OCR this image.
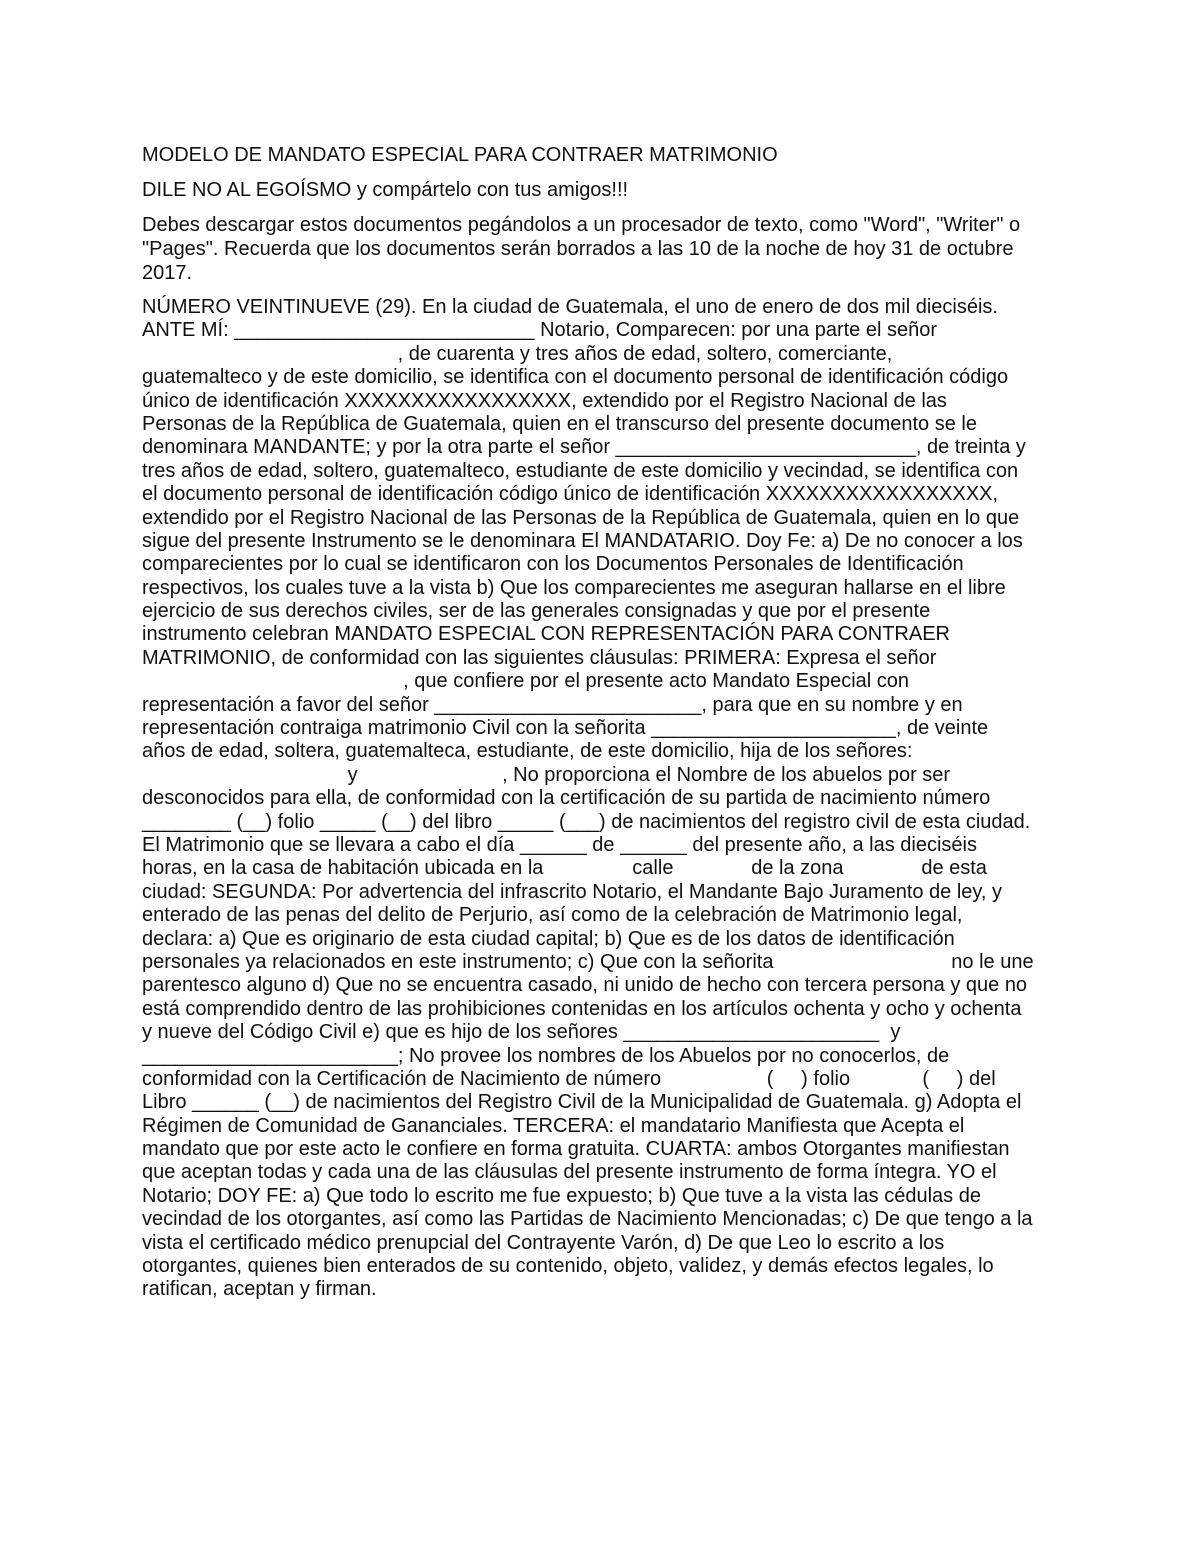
MODELO DE MANDATO ESPECIAL PARA CONTRAER MATRIMONIO

DILE NO AL EGOÍSMO y compártelo con tus amigos!!!

Debes descargar estos documentos pegándolos a un procesador de texto, como "Word", "Writer" o "Pages". Recuerda que los documentos serán borrados a las 10 de la noche de hoy 31 de octubre 2017.

NÚMERO VEINTINUEVE (29). En la ciudad de Guatemala, el uno de enero de dos mil dieciséis.
ANTE MÍ: ___________________________ Notario, Comparecen: por una parte el señor
, de cuarenta y tres años de edad, soltero, comerciante,
guatemalteco y de este domicilio, se identifica con el documento personal de identificación código
único de identificación XXXXXXXXXXXXXXXXX, extendido por el Registro Nacional de las
Personas de la República de Guatemala, quien en el transcurso del presente documento se le
denominara MANDANTE; y por la otra parte el señor ___________________________, de treinta y
tres años de edad, soltero, guatemalteco, estudiante de este domicilio y vecindad, se identifica con
el documento personal de identificación código único de identificación XXXXXXXXXXXXXXXXX,
extendido por el Registro Nacional de las Personas de la República de Guatemala, quien en lo que
sigue del presente Instrumento se le denominara El MANDATARIO. Doy Fe: a) De no conocer a los
comparecientes por lo cual se identificaron con los Documentos Personales de Identificación
respectivos, los cuales tuve a la vista b) Que los comparecientes me aseguran hallarse en el libre
ejercicio de sus derechos civiles, ser de las generales consignadas y que por el presente
instrumento celebran MANDATO ESPECIAL CON REPRESENTACIÓN PARA CONTRAER
MATRIMONIO, de conformidad con las siguientes cláusulas: PRIMERA: Expresa el señor
, que confiere por el presente acto Mandato Especial con
representación a favor del señor ________________________, para que en su nombre y en
representación contraiga matrimonio Civil con la señorita ______________________, de veinte
años de edad, soltera, guatemalteca, estudiante, de este domicilio, hija de los señores:
y                          , No proporciona el Nombre de los abuelos por ser
desconocidos para ella, de conformidad con la certificación de su partida de nacimiento número
________ (__) folio _____ (__) del libro _____ (___) de nacimientos del registro civil de esta ciudad.
El Matrimonio que se llevara a cabo el día ______ de ______ del presente año, a las dieciséis
horas, en la casa de habitación ubicada en la                calle              de la zona              de esta
ciudad: SEGUNDA: Por advertencia del infrascrito Notario, el Mandante Bajo Juramento de ley, y
enterado de las penas del delito de Perjurio, así como de la celebración de Matrimonio legal,
declara: a) Que es originario de esta ciudad capital; b) Que es de los datos de identificación
personales ya relacionados en este instrumento; c) Que con la señorita                                no le une
parentesco alguno d) Que no se encuentra casado, ni unido de hecho con tercera persona y que no
está comprendido dentro de las prohibiciones contenidas en los artículos ochenta y ocho y ochenta
y nueve del Código Civil e) que es hijo de los señores _______________________  y
_______________________; No provee los nombres de los Abuelos por no conocerlos, de
conformidad con la Certificación de Nacimiento de número                   (     ) folio             (     ) del
Libro ______ (__) de nacimientos del Registro Civil de la Municipalidad de Guatemala. g) Adopta el
Régimen de Comunidad de Gananciales. TERCERA: el mandatario Manifiesta que Acepta el
mandato que por este acto le confiere en forma gratuita. CUARTA: ambos Otorgantes manifiestan
que aceptan todas y cada una de las cláusulas del presente instrumento de forma íntegra. YO el
Notario; DOY FE: a) Que todo lo escrito me fue expuesto; b) Que tuve a la vista las cédulas de
vecindad de los otorgantes, así como las Partidas de Nacimiento Mencionadas; c) De que tengo a la
vista el certificado médico prenupcial del Contrayente Varón, d) De que Leo lo escrito a los
otorgantes, quienes bien enterados de su contenido, objeto, validez, y demás efectos legales, lo
ratifican, aceptan y firman.
